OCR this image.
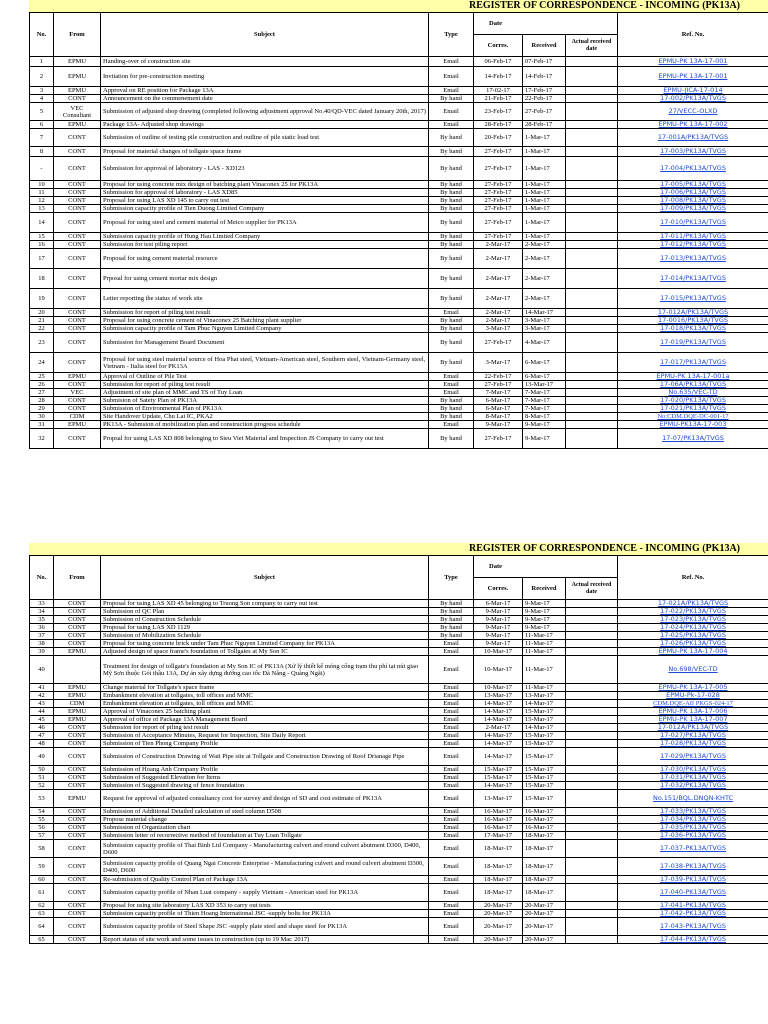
REGISTER OF CORRESPONDENCE - INCOMING (PK13A)
No.	From	Subject	Type	Date			Ref. No.
				Corres.	Received	Actual received date	
1	EPMU	Handing-over of construction site	Email	06-Feb-17	07-Feb-17		EPMU-PK 13A-17-001
2	EPMU	Invitation for pre-construction meeting	Email	14-Feb-17	14-Feb-17		EPMU-PK 13A-17-001
3	EPMU	Approval on RE position for Package 13A	Email	17-02-17	17-Feb-17		EPMU-JICA-17-014
4	CONT	Announcement on the commenement date	By hand	21-Feb-17	22-Feb-17		17-002/PK13A/TVGS
5	VEC Consultant	Submission of adjusted shop drawing (completed following adjustment approval No.40/QD-VEC dated January 20th, 2017)	Email	23-Feb-17	27-Feb-17		27/VECC-OLXD
6	EPMU	Package 13A- Adjusted shop drawings	Email	28-Feb-17	28-Feb-17		EPMU-PK 13A-17-002
7	CONT	Submission of outline of testing pile construction and outline of pile static load test	By hand	20-Feb-17	1-Mar-17		17-001A/PK13A/TVGS
8	CONT	Proposal for material changes of tollgate space frame	By hand	27-Feb-17	1-Mar-17		17-003/PK13A/TVGS
-	CONT	Submission for approval of laboratory - LAS - XD123	By hand	27-Feb-17	1-Mar-17		17-004/PK13A/TVGS
10	CONT	Proposal for using concrete mix design of batching plant Vinaconex 25 for PK13A	By hand	27-Feb-17	1-Mar-17		17-005/PK13A/TVGS
11	CONT	Submission for approval of laboratory - LAS XD85	By hand	27-Feb-17	1-Mar-17		17-006/PK13A/TVGS
12	CONT	Proposal for using LAS XD 145 to carry out test	By hand	27-Feb-17	1-Mar-17		17-008/PK13A/TVGS
13	CONT	Submission capacity profile of Tien Duong Limited Company	By hand	27-Feb-17	1-Mar-17		17-009/PK13A/TVGS
14	CONT	Proposal for using steel and cement material of Meico supplier for PK13A	By hand	27-Feb-17	1-Mar-17		17-010/PK13A/TVGS
15	CONT	Submission capacity profile of Hung Hau Limited Company	By hand	27-Feb-17	1-Mar-17		17-011/PK13A/TVGS
16	CONT	Submission for test piling report	By hand	2-Mar-17	2-Mar-17		17-012/PK13A/TVGS
17	CONT	Proposal for using cement material resource	By hand	2-Mar-17	2-Mar-17		17-013/PK13A/TVGS
18	CONT	Prposal for using cement mortar mix design	By hand	2-Mar-17	2-Mar-17		17-014/PK13A/TVGS
19	CONT	Letter reporting the status of work site	By hand	2-Mar-17	2-Mar-17		17-015/PK13A/TVGS
20	CONT	Submission for report of piling test result	Email	2-Mar-17	14-Mar-17		17-012A/PK13A/TVGS
21	CONT	Proposal for using concrete cement of Vinaconex 25 Batching plant supplier	By hand	2-Mar-17	3-Mar-17		17-0016/PK13A/TVGS
22	CONT	Submission capacity profile of Tam Phuc Nguyen Limited Company	By hand	3-Mar-17	3-Mar-17		17-018/PK13A/TVGS
23	CONT	Submission for Management Board Document	By hand	27-Feb-17	4-Mar-17		17-019/PK13A/TVGS
24	CONT	Proposal for using steel material source of Hoa Phat steel, Vietnam-American steel, Southern steel, Vietnam-Germany steel, Vietnam - Italia steel for PK13A	By hand	3-Mar-17	6-Mar-17		17-017/PK13A/TVGS
25	EPMU	Approval of Outline of Pile Test	Email	22-Feb-17	6-Mar-17		EPMU-PK 13A-17-001a
26	CONT	Submission for report of piling test result	Email	27-Feb-17	13-Mar-17		17-06A/PK13A/TVGS
27	VEC	Adjustment of site plan of MMC and TS of Tuy Loan	Email	7-Mar-17	7-Mar-17		No.635/VEC-TD
28	CONT	Submision of Satety Plan of PK13A	By hand	6-Mar-17	7-Mar-17		17-020/PK13A/TVGS
29	CONT	Submission of Environmental Plan of PK13A	By hand	6-Mar-17	7-Mar-17		17-021/PK13A/TVGS
30	CDM	Site Handover Update, Chu Lai IC, PKA2	By hand	8-Mar-17	8-Mar-17		No:CDM.DQE-DC-001-17
31	EPMU	PK13A - Submsion of mobilization plan and construction progress schedule	Email	9-Mar-17	9-Mar-17		EPMU-PK13A-17-003
32	CONT	Propsal for using LAS XD 808 belonging to Sieu Viet Material and Inspection JS Company to carry out test	By hand	27-Feb-17	9-Mar-17		17-07/PK13A/TVGS
REGISTER OF CORRESPONDENCE - INCOMING (PK13A)
No.	From	Subject	Type	Date			Ref. No.
				Corres.	Received	Actual received date	
33	CONT	Proposal for using LAS XD 45 belonging to Truong Son company to carry out test	By hand	6-Mar-17	9-Mar-17		17-021A/PK13A/TVGS
34	CONT	Submission of QC Plan	By hand	9-Mar-17	9-Mar-17		17-022/PK13A/TVGS
35	CONT	Submission of Construction Schedule	By hand	9-Mar-17	9-Mar-17		17-023/PK13A/TVGS
36	CONT	Proposal for using LAS XD 1129	By hand	9-Mar-17	9-Mar-17		17-024/PK13A/TVGS
37	CONT	Submission of Mobilization Schedule	By hand	9-Mar-17	11-Mar-17		17-025/PK13A/TVGS
38	CONT	Proposal for using concrete brick under Tam Phuc Nguyen Limited Company for PK13A	Email	9-Mar-17	11-Mar-17		17-026/PK13A/TVGS
39	EPMU	Adjusted design of space frame's foundation of Tollgates at My Son IC	Email	10-Mar-17	11-Mar-17		EPMU-PK 13A-17-004
40		Treatment for design of tollgate's foundation at My Son IC of PK13A (Xử lý thiết kế móng cổng trạm thu phí tại nút giao Mỹ Sơn thuộc Gói thầu 13A, Dự án xây dựng đường cao tốc Đà Nẵng - Quảng Ngãi)	Email	10-Mar-17	11-Mar-17		No.698/VEC-TD
41	EPMU	Change material for Tollgate's space frame	Email	10-Mar-17	11-Mar-17		EPMU-PK 13A-17-005
42	EPMU	Embankment elevation at tollgates, toll offices and MMC	Email	13-Mar-17	13-Mar-17		EPMU-Pk-17-028
43	CDM	Embankment elevation at tollgates, toll offices and MMC	Email	14-Mar-17	14-Mar-17		CDM.DQE-AII PKGS-024-17
44	EPMU	Approval of Vinaconex 25 batching plant	Email	14-Mar-17	15-Mar-17		EPMU-PK 13A-17-006
45	EPMU	Approval of office of Package 13A Management Board	Email	14-Mar-17	15-Mar-17		EPMU-PK 13A-17-007
46	CONT	Submssion for report of piling test result	Email	2-Mar-17	14-Mar-17		17-012A/PK13A/TVGS
47	CONT	Submission of Acceptance Minutes, Request for Inspection, Site Daily Report	Email	14-Mar-17	15-Mar-17		17-027/PK13A/TVGS
48	CONT	Submission of Tien Phong Company Profile	Email	14-Mar-17	15-Mar-17		17-028/PK13A/TVGS
49	CONT	Submission of Construction Drawing of Wait Pipe site at Tollgate and Construction Drawing of Roof Drianage Pipe	Email	14-Mar-17	15-Mar-17		17-029/PK13A/TVGS
50	CONT	Submission of Hoang Anh Company Profile	Email	15-Mar-17	15-Mar-17		17-030/PK13A/TVGS
51	CONT	Submission of Suggested Elevation for Items	Email	15-Mar-17	15-Mar-17		17-031/PK13A/TVGS
52	CONT	Submission of Suggested drawing of fence foundation	Email	14-Mar-17	15-Mar-17		17-032/PK13A/TVGS
53	EPMU	Request for approval of adjusted consultancy cost for survey and design of SD and cost estimate of PK13A	Email	13-Mar-17	15-Mar-17		No.151/BQL.DNQN-KHTC
54	CONT	Submission of Additional Detailed calculation of steel column D508	Email	16-Mar-17	16-Mar-17		17-033/PK13A/TVGS
55	CONT	Propose material change	Email	16-Mar-17	16-Mar-17		17-034/PK13A/TVGS
56	CONT	Submission of Organization chart	Email	16-Mar-17	16-Mar-17		17-035/PK13A/TVGS
57	CONT	Submission letter of recorrective method of foundation at Tuy Loan Tollgate	Email	17-Mar-17	18-Mar-17		17-036-PK13A/TVGS
58	CONT	Submission capacity profile of Thai Binh Ltd Company - Manufacturing culvert and round culvert abutment D300, D400, D600	Email	18-Mar-17	18-Mar-17		17-037-PK13A/TVGS
59	CONT	Submission capacity profile of Quang Ngai Concrete Enterprise - Manufacturing culvert and round culvert abutment D300, D400, D600	Email	18-Mar-17	18-Mar-17		17-038-PK13A/TVGS
60	CONT	Re-submission of Quality Control Plan of Package 13A	Email	18-Mar-17	18-Mar-17		17-039-PK13A/TVGS
61	CONT	Submission capacity profile of Nhan Luat company - supply Vietnam - American steel for PK13A	Email	18-Mar-17	18-Mar-17		17-040-PK13A/TVGS
62	CONT	Proposal for using site laboratory LAS XD 353 to carry out tests	Email	20-Mar-17	20-Mar-17		17-041-PK13A/TVGS
63	CONT	Submission capacity profile of Thien Hoang International JSC -supply bolts for PK13A	Email	20-Mar-17	20-Mar-17		17-042-PK13A/TVGS
64	CONT	Submission capacity profile of Steel Shape JSC -supply plate steel and shape steel for PK13A	Email	20-Mar-17	20-Mar-17		17-043-PK13A/TVGS
65	CONT	Report status of site work and some issues in construction (up to 19 Mar. 2017)	Email	20-Mar-17	20-Mar-17		17-044-PK13A/TVGS
